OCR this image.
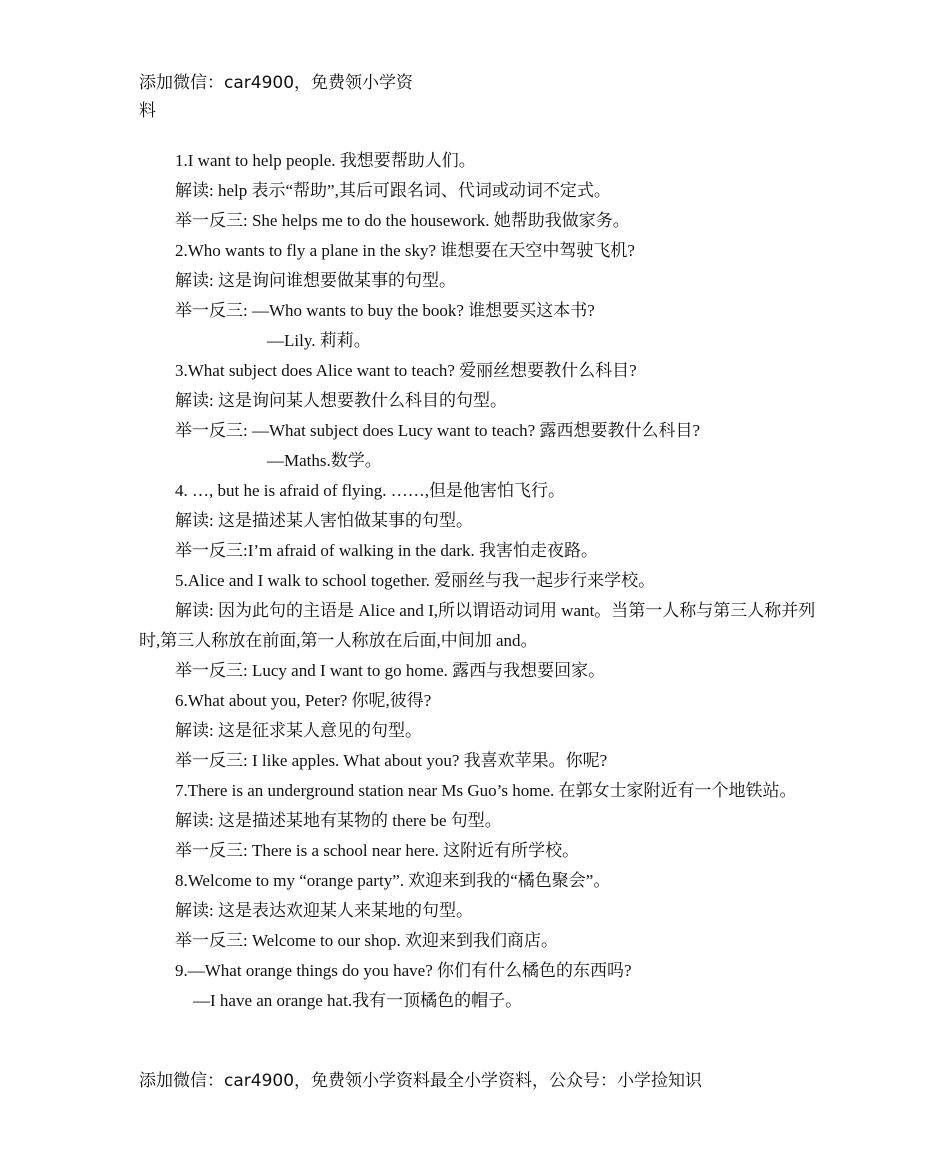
添加微信：car4900，免费领小学资
料

1.I want to help people. 我想要帮助人们。

解读: help 表示“帮助”,其后可跟名词、代词或动词不定式。

举一反三: She helps me to do the housework. 她帮助我做家务。

2.Who wants to fly a plane in the sky? 谁想要在天空中驾驶飞机?

解读: 这是询问谁想要做某事的句型。

举一反三: —Who wants to buy the book? 谁想要买这本书?

—Lily. 莉莉。

3.What subject does Alice want to teach? 爱丽丝想要教什么科目?

解读: 这是询问某人想要教什么科目的句型。

举一反三: —What subject does Lucy want to teach? 露西想要教什么科目?

—Maths.数学。

4. …, but he is afraid of flying. ……,但是他害怕飞行。

解读: 这是描述某人害怕做某事的句型。

举一反三:I’m afraid of walking in the dark. 我害怕走夜路。

5.Alice and I walk to school together. 爱丽丝与我一起步行来学校。

解读: 因为此句的主语是 Alice and I,所以谓语动词用 want。当第一人称与第三人称并列时,第三人称放在前面,第一人称放在后面,中间加 and。

举一反三: Lucy and I want to go home. 露西与我想要回家。

6.What about you, Peter? 你呢,彼得?

解读: 这是征求某人意见的句型。

举一反三: I like apples. What about you? 我喜欢苹果。你呢?

7.There is an underground station near Ms Guo’s home. 在郭女士家附近有一个地铁站。

解读: 这是描述某地有某物的 there be 句型。

举一反三: There is a school near here. 这附近有所学校。

8.Welcome to my “orange party”. 欢迎来到我的“橘色聚会”。

解读: 这是表达欢迎某人来某地的句型。

举一反三: Welcome to our shop. 欢迎来到我们商店。

9.—What orange things do you have? 你们有什么橘色的东西吗?

—I have an orange hat.我有一顶橘色的帽子。

添加微信：car4900，免费领小学资料最全小学资料，公众号：小学捡知识
